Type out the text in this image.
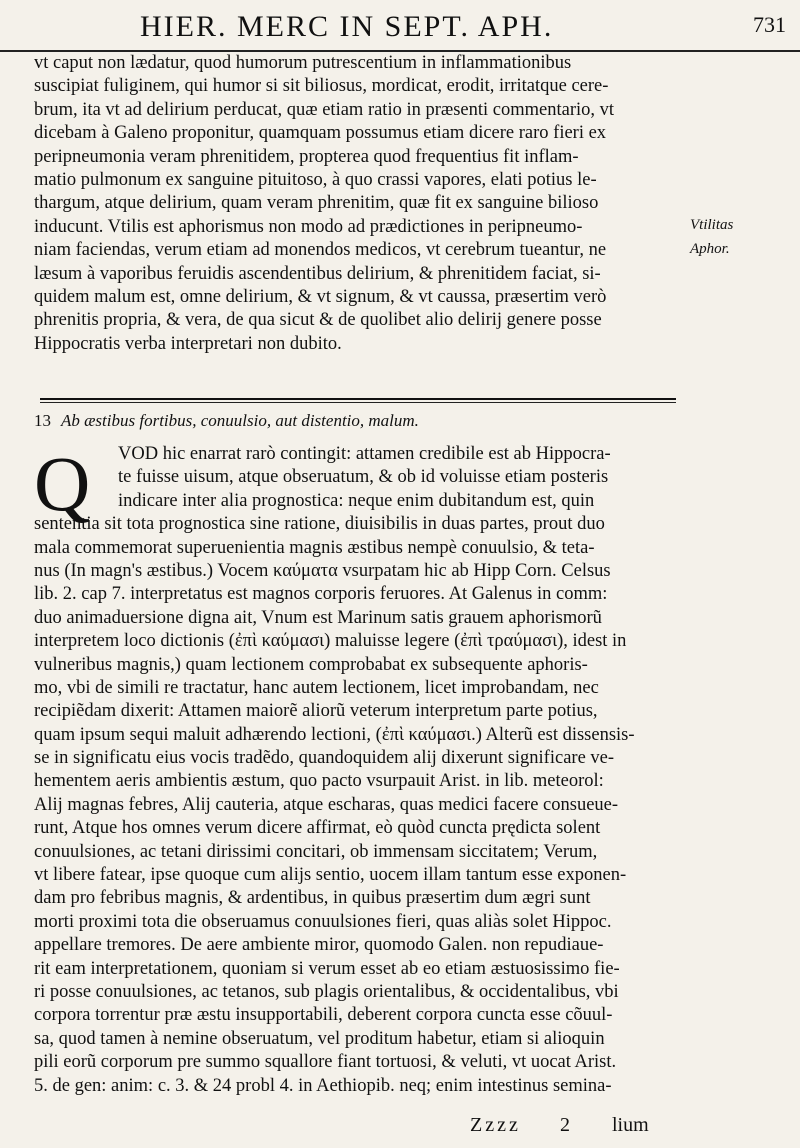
HIER. MERC IN SEPT. APH.	731
vt caput non lædatur, quod humorum putrescentium in inflammationibus
suscipiat fuliginem, qui humor si sit biliosus, mordicat, erodit, irritatque cere-
brum, ita vt ad delirium perducat, quæ etiam ratio in præsenti commentario, vt
dicebam à Galeno proponitur, quamquam possumus etiam dicere raro fieri ex
peripneumonia veram phrenitidem, propterea quod frequentius fit inflam-
matio pulmonum ex sanguine pituitoso, à quo crassi vapores, elati potius le-
thargum, atque delirium, quam veram phrenitim, quæ fit ex sanguine bilioso
inducunt. Vtilis est aphorismus non modo ad prædictiones in peripneumo-
niam faciendas, verum etiam ad monendos medicos, vt cerebrum tueantur, ne
læsum à vaporibus feruidis ascendentibus delirium, & phrenitidem faciat, si-
quidem malum est, omne delirium, & vt signum, & vt caussa, præsertim verò
phrenitis propria, & vera, de qua sicut & de quolibet alio delirij genere posse
Hippocratis verba interpretari non dubito.
Vtilitas
Aphor.
13 Ab æstibus fortibus, conuulsio, aut distentio, malum.
Q	VOD hic enarrat rarò contingit: attamen credibile est ab Hippocra-
te fuisse uisum, atque obseruatum, & ob id voluisse etiam posteris
indicare inter alia prognostica: neque enim dubitandum est, quin
sententia sit tota prognostica sine ratione, diuisibilis in duas partes, prout duo
mala commemorat superuenientia magnis æstibus nempè conuulsio, & teta-
nus (In magn's æstibus.) Vocem καύματα vsurpatam hic ab Hipp Corn. Celsus
lib. 2. cap 7. interpretatus est magnos corporis feruores. At Galenus in comm:
duo animaduersione digna ait, Vnum est Marinum satis grauem aphorismorũ
interpretem loco dictionis (ἐπὶ καύμασι) maluisse legere (ἐπὶ τραύμασι), idest in
vulneribus magnis,) quam lectionem comprobabat ex subsequente aphoris-
mo, vbi de simili re tractatur, hanc autem lectionem, licet improbandam, nec
recipiẽdam dixerit: Attamen maiorẽ aliorũ veterum interpretum parte potius,
quam ipsum sequi maluit adhærendo lectioni, (ἐπὶ καύμασι.) Alterũ est dissensis-
se in significatu eius vocis tradẽdo, quandoquidem alij dixerunt significare ve-
hementem aeris ambientis æstum, quo pacto vsurpauit Arist. in lib. meteorol:
Alij magnas febres, Alij cauteria, atque escharas, quas medici facere consueue-
runt, Atque hos omnes verum dicere affirmat, eò quòd cuncta prędicta solent
conuulsiones, ac tetani dirissimi concitari, ob immensam siccitatem; Verum,
vt libere fatear, ipse quoque cum alijs sentio, uocem illam tantum esse exponen-
dam pro febribus magnis, & ardentibus, in quibus præsertim dum ægri sunt
morti proximi tota die obseruamus conuulsiones fieri, quas aliàs solet Hippoc.
appellare tremores. De aere ambiente miror, quomodo Galen. non repudiaue-
rit eam interpretationem, quoniam si verum esset ab eo etiam æstuosissimo fie-
ri posse conuulsiones, ac tetanos, sub plagis orientalibus, & occidentalibus, vbi
corpora torrentur præ æstu insupportabili, deberent corpora cuncta esse cõuul-
sa, quod tamen à nemine obseruatum, vel proditum habetur, etiam si alioquin
pili eorũ corporum pre summo squallore fiant tortuosi, & veluti, vt uocat Arist.
5. de gen: anim: c. 3. & 24 probl 4. in Aethiopib. neq; enim intestinus semina-
Zzzz 2 lium
